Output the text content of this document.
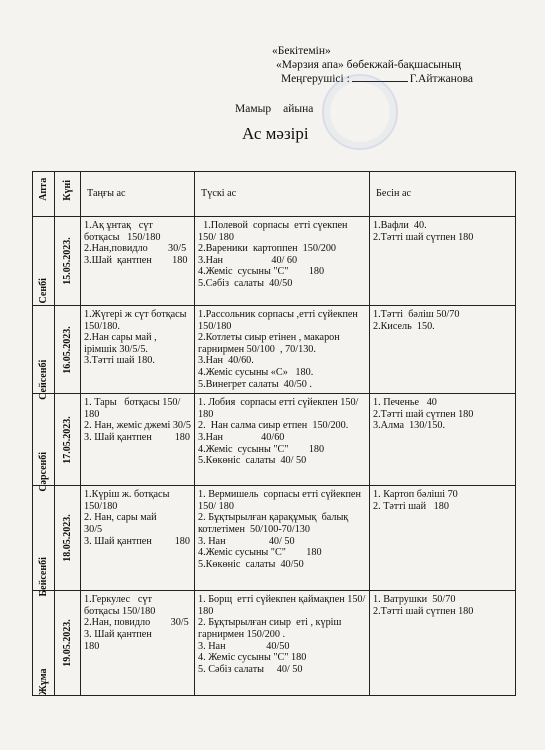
«Бекітемін»
«Мәрзия апа» бөбекжай-бақшасының
Меңгерушісі :	Г.Айтжанова
Мамыр айына
Ас мәзірі
Апта	Күні	Таңғы ас	Түскі ас	Бесін ас

Сенбі	15.05.2023.	1.Ақ ұнтақ   сүт
ботқасы   150/180
2.Нан,повидло        30/5
3.Шай  қантпен        180	1.Полевой  сорпасы  етті сүекпен 150/ 180
2.Вареники  картоппен  150/200
3.Нан                   40/ 60
4.Жеміс  сусыны "С"        180
5.Сәбіз  салаты  40/50	1.Вафли  40.
2.Тәтті шай сүтпен 180

Сейсенбі	16.05.2023.	1.Жүгері ж сүт ботқасы 150/180.
2.Нан сары май , ірімшік 30/5/5.
3.Тәтті шай 180.	1.Рассольник сорпасы ,етті сүйекпен 150/180
2.Котлеты сиыр етінен , макарон гарнирмен 50/100  , 70/130.
3.Нан  40/60.
4.Жеміс сусыны «С»   180.
5.Винегрет салаты  40/50 .	1.Тәтті  бәліш 50/70
2.Кисель  150.

Сәрсенбі	17.05.2023.	1. Тары   ботқасы 150/ 180
2. Нан, жеміс джемі 30/5
3. Шай қантпен         180	1. Лобия  сорпасы етті сүйекпен 150/ 180
2.  Нан салма сиыр етпен  150/200.
3.Нан               40/60
4.Жеміс  сусыны "С"        180
5.Көкөніс  салаты  40/ 50	1. Печенье   40
2.Тәтті шай сүтпен 180
3.Алма  130/150.

Бейсенбі	18.05.2023.	1.Күріш ж. ботқасы 150/180
2. Нан, сары май
30/5
3. Шай қантпен         180	1. Вермишель  сорпасы етті сүйекпен  150/ 180
2. Бұқтырылған қарақұмық  балық котлетімен  50/100-70/130
3. Нан                 40/ 50
4.Жеміс сусыны "С"        180
5.Көкөніс  салаты  40/50	1. Картоп бәліші 70
2. Тәтті шай   180

Жұма	19.05.2023.	1.Геркулес   сүт  ботқасы 150/180
2.Нан, повидло        30/5
3. Шай қантпен
180	1. Борщ  етті сүйекпен қаймақпен 150/ 180
2. Бұқтырылған сиыр  еті , күріш гарнирмен 150/200 .
3. Нан                40/50
4. Жеміс сусыны "С" 180
5. Сәбіз салаты     40/ 50	1. Ватрушки  50/70
2.Тәтті шай сүтпен 180
